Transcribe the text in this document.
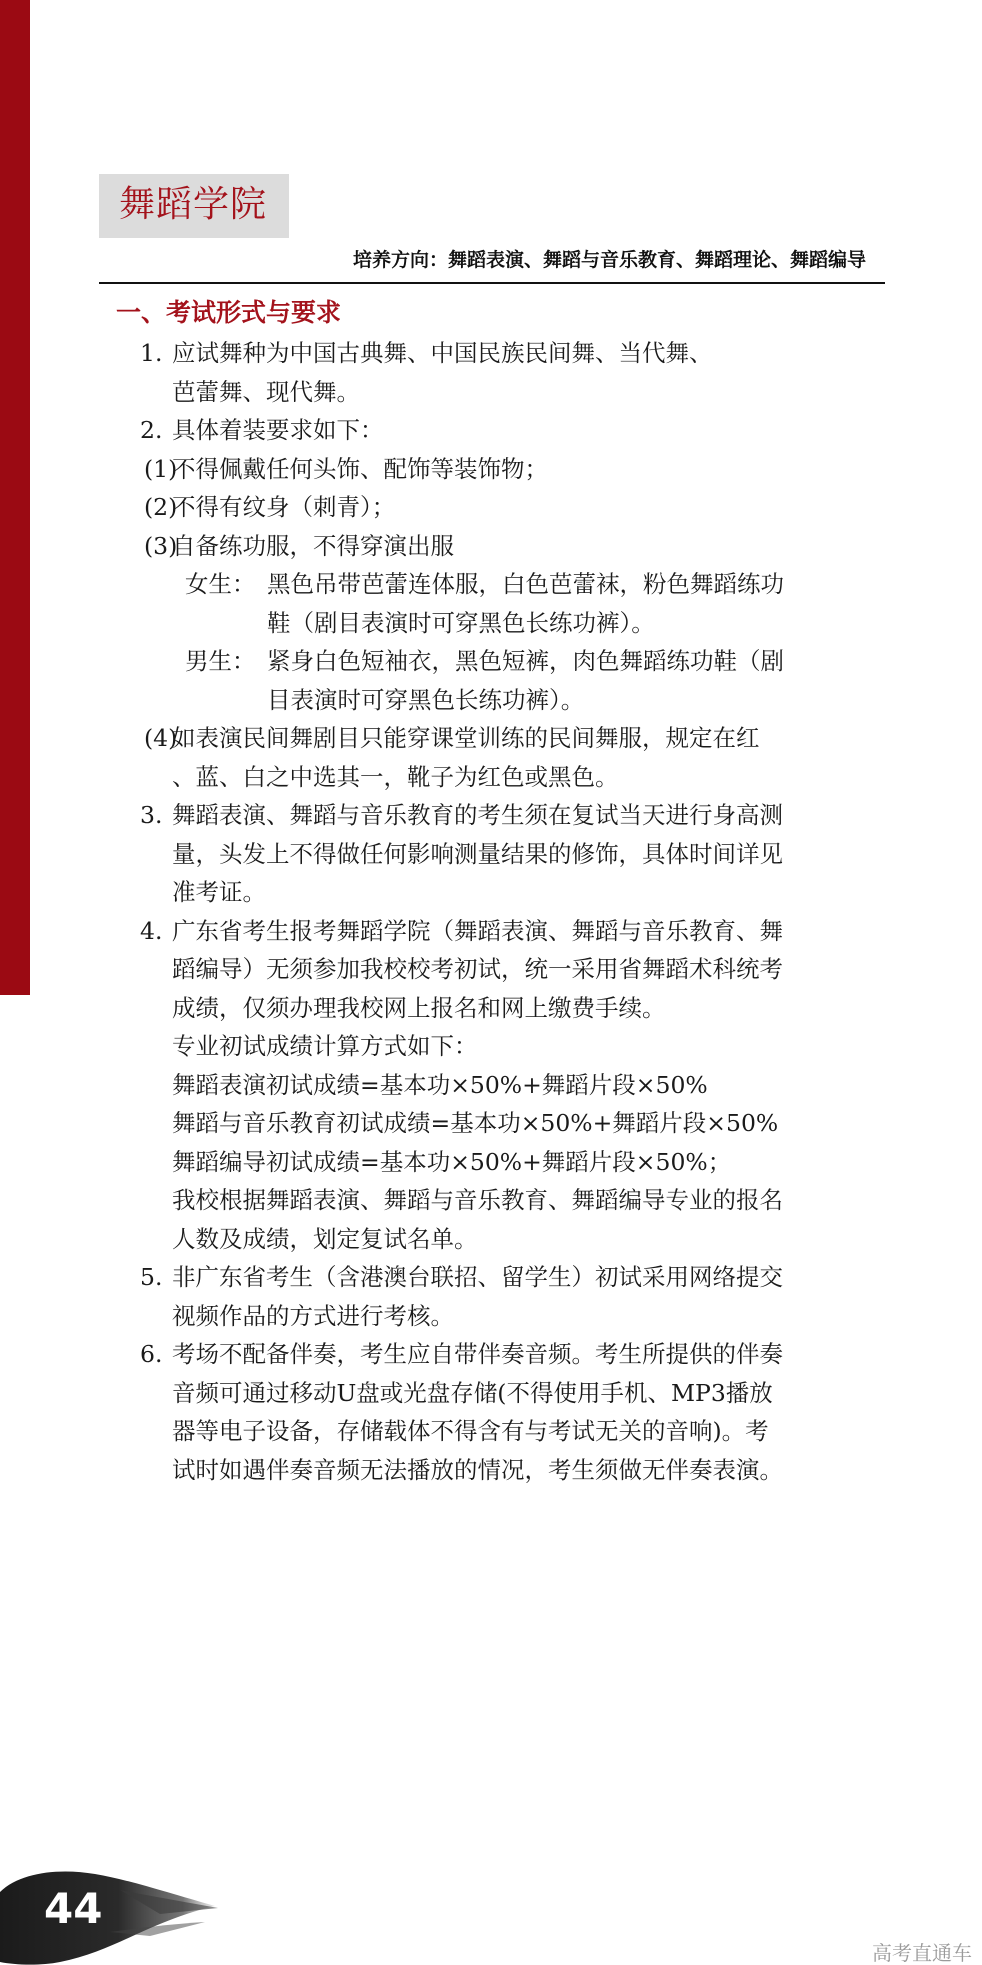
舞蹈学院
培养方向：舞蹈表演、舞蹈与音乐教育、舞蹈理论、舞蹈编导
一、考试形式与要求
1. 应试舞种为中国古典舞、中国民族民间舞、当代舞、
芭蕾舞、现代舞。
2. 具体着装要求如下：
(1)
不得佩戴任何头饰、配饰等装饰物；
(2)
不得有纹身（刺青）；
(3)
自备练功服，不得穿演出服
女生： 黑色吊带芭蕾连体服，白色芭蕾袜，粉色舞蹈练功
鞋（剧目表演时可穿黑色长练功裤）。
男生： 紧身白色短袖衣，黑色短裤，肉色舞蹈练功鞋（剧
目表演时可穿黑色长练功裤）。
(4)
如表演民间舞剧目只能穿课堂训练的民间舞服，规定在红
、蓝、白之中选其一，靴子为红色或黑色。
3. 舞蹈表演、舞蹈与音乐教育的考生须在复试当天进行身高测
量，头发上不得做任何影响测量结果的修饰，具体时间详见
准考证。
4. 广东省考生报考舞蹈学院（舞蹈表演、舞蹈与音乐教育、舞
蹈编导）无须参加我校校考初试，统一采用省舞蹈术科统考
成绩，仅须办理我校网上报名和网上缴费手续。
专业初试成绩计算方式如下：
舞蹈表演初试成绩=基本功×50%+舞蹈片段×50%
舞蹈与音乐教育初试成绩=基本功×50%+舞蹈片段×50%
舞蹈编导初试成绩=基本功×50%+舞蹈片段×50%；
我校根据舞蹈表演、舞蹈与音乐教育、舞蹈编导专业的报名
人数及成绩，划定复试名单。
5. 非广东省考生（含港澳台联招、留学生）初试采用网络提交
视频作品的方式进行考核。
6. 考场不配备伴奏，考生应自带伴奏音频。考生所提供的伴奏
音频可通过移动U盘或光盘存储(不得使用手机、MP3播放
器等电子设备，存储载体不得含有与考试无关的音响)。考
试时如遇伴奏音频无法播放的情况，考生须做无伴奏表演。
44
高考直通车
